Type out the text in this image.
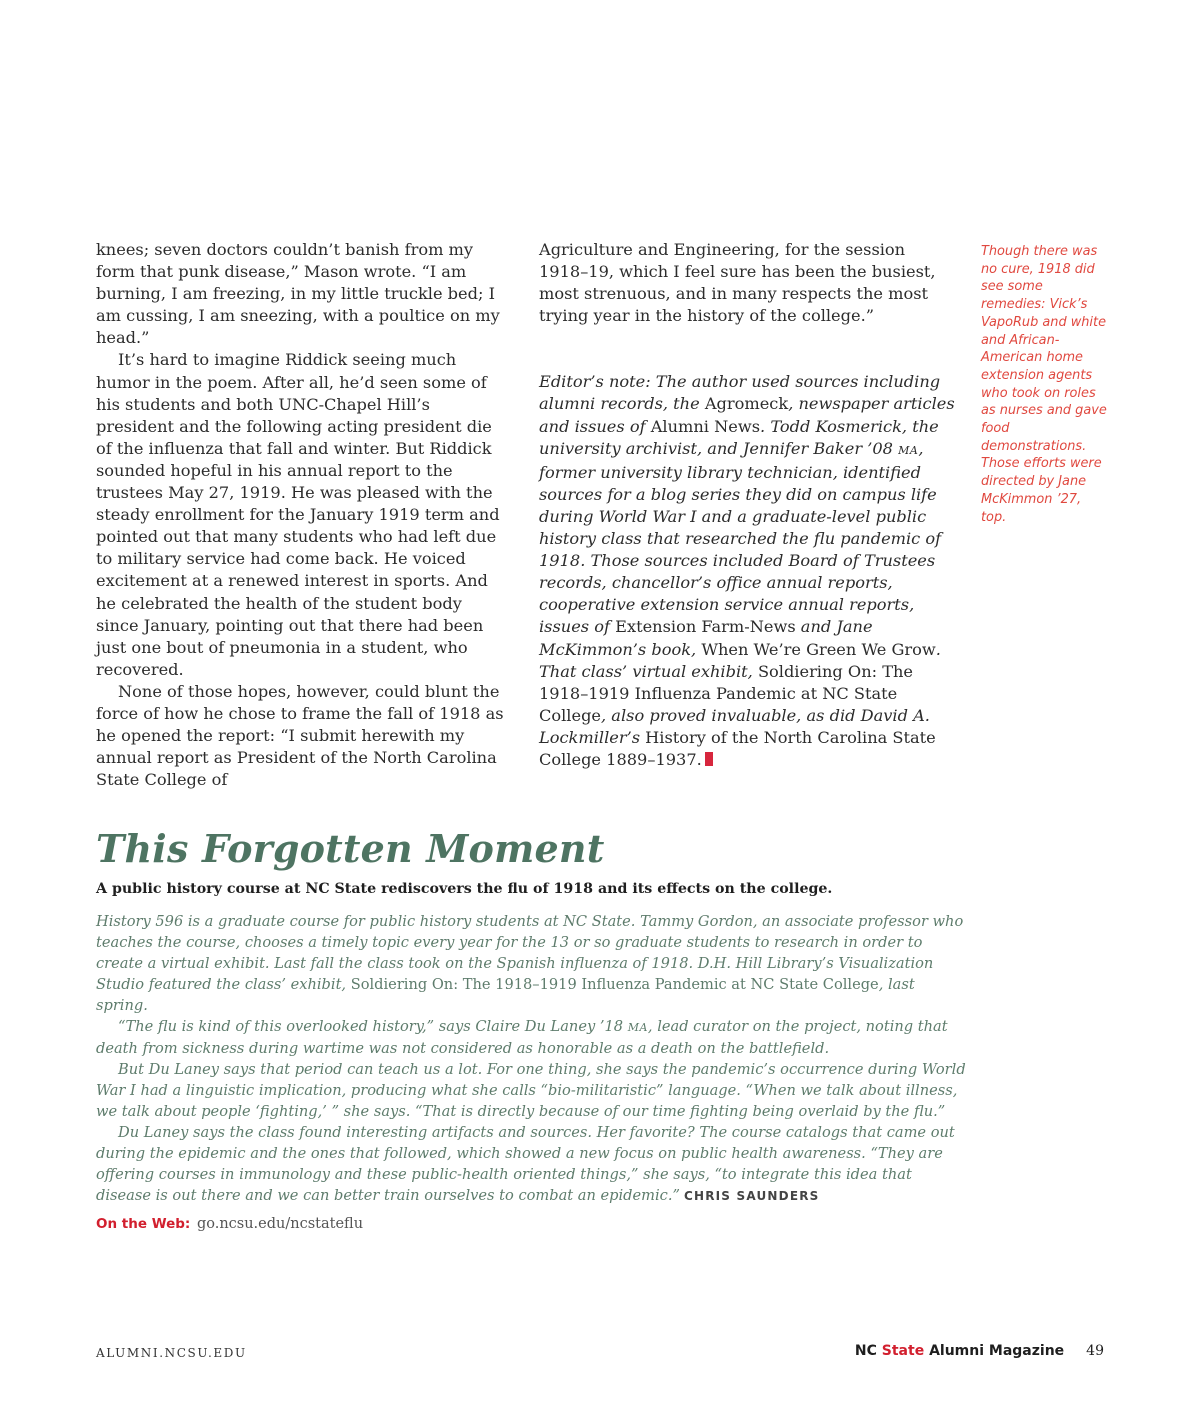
knees; seven doctors couldn’t banish from my form that punk disease,” Mason wrote. “I am burning, I am freezing, in my little truckle bed; I am cussing, I am sneezing, with a poultice on my head.”

It’s hard to imagine Riddick seeing much humor in the poem. After all, he’d seen some of his students and both UNC-Chapel Hill’s president and the following acting president die of the influenza that fall and winter. But Riddick sounded hopeful in his annual report to the trustees May 27, 1919. He was pleased with the steady enrollment for the January 1919 term and pointed out that many students who had left due to military service had come back. He voiced excitement at a renewed interest in sports. And he celebrated the health of the student body since January, pointing out that there had been just one bout of pneumonia in a student, who recovered.

None of those hopes, however, could blunt the force of how he chose to frame the fall of 1918 as he opened the report: “I submit herewith my annual report as President of the North Carolina State College of

Agriculture and Engineering, for the session 1918–19, which I feel sure has been the busiest, most strenuous, and in many respects the most trying year in the history of the college.”

Editor’s note: The author used sources including alumni records, the Agromeck, newspaper articles and issues of Alumni News. Todd Kosmerick, the university archivist, and Jennifer Baker ’08 MA, former university library technician, identified sources for a blog series they did on campus life during World War I and a graduate-level public history class that researched the flu pandemic of 1918. Those sources included Board of Trustees records, chancellor’s office annual reports, cooperative extension service annual reports, issues of Extension Farm-News and Jane McKimmon’s book, When We’re Green We Grow. That class’ virtual exhibit, Soldiering On: The 1918–1919 Influenza Pandemic at NC State College, also proved invaluable, as did David A. Lockmiller’s History of the North Carolina State College 1889–1937.

Though there was no cure, 1918 did see some remedies: Vick’s VapoRub and white and African-American home extension agents who took on roles as nurses and gave food demonstrations. Those efforts were directed by Jane McKimmon ’27, top.
This Forgotten Moment

A public history course at NC State rediscovers the flu of 1918 and its effects on the college.

History 596 is a graduate course for public history students at NC State. Tammy Gordon, an associate professor who teaches the course, chooses a timely topic every year for the 13 or so graduate students to research in order to create a virtual exhibit. Last fall the class took on the Spanish influenza of 1918. D.H. Hill Library’s Visualization Studio featured the class’ exhibit, Soldiering On: The 1918–1919 Influenza Pandemic at NC State College, last spring.

“The flu is kind of this overlooked history,” says Claire Du Laney ’18 MA, lead curator on the project, noting that death from sickness during wartime was not considered as honorable as a death on the battlefield.

But Du Laney says that period can teach us a lot. For one thing, she says the pandemic’s occurrence during World War I had a linguistic implication, producing what she calls “bio-militaristic” language. “When we talk about illness, we talk about people ‘fighting,’ ” she says. “That is directly because of our time fighting being overlaid by the flu.”

Du Laney says the class found interesting artifacts and sources. Her favorite? The course catalogs that came out during the epidemic and the ones that followed, which showed a new focus on public health awareness. “They are offering courses in immunology and these public-health oriented things,” she says, “to integrate this idea that disease is out there and we can better train ourselves to combat an epidemic.” CHRIS SAUNDERS

On the Web: go.ncsu.edu/ncstateflu
ALUMNI.NCSU.EDU	NC State Alumni Magazine 49
